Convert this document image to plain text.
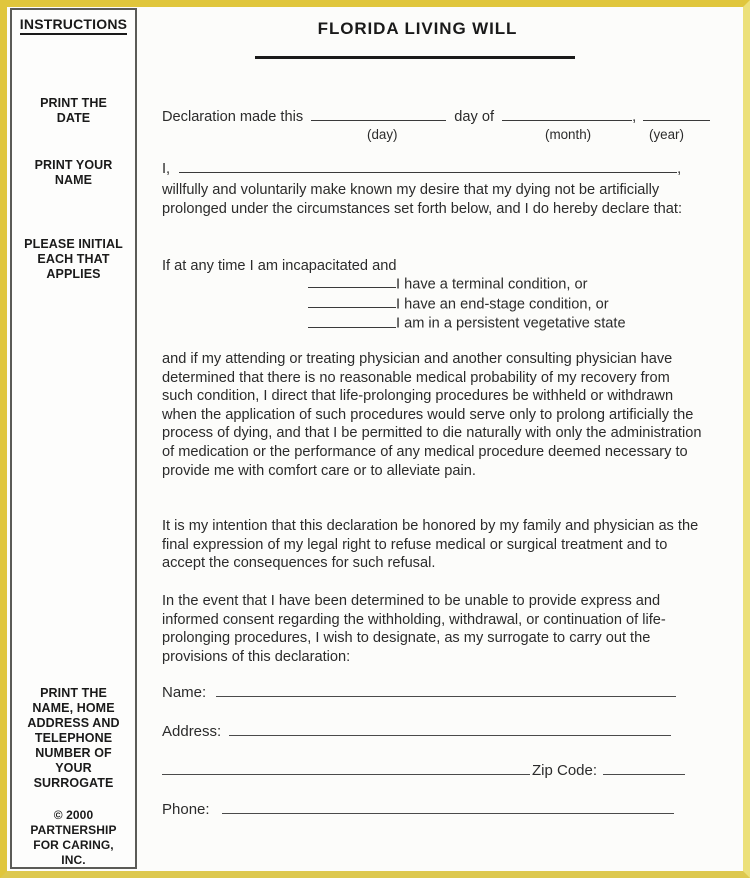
INSTRUCTIONS
PRINT THE
DATE
PRINT YOUR
NAME
PLEASE INITIAL
EACH THAT
APPLIES
PRINT THE
NAME, HOME
ADDRESS AND
TELEPHONE
NUMBER OF
YOUR
SURROGATE
© 2000
PARTNERSHIP
FOR CARING,
INC.
FLORIDA LIVING WILL
Declaration made this	day of	,
(day)	(month)	(year)
I,	,
willfully and voluntarily make known my desire that my dying not be artificially prolonged under the circumstances set forth below, and I do hereby declare that:
If at any time I am incapacitated and
I have a terminal condition, or
I have an end-stage condition, or
I am in a persistent vegetative state
and if my attending or treating physician and another consulting physician have determined that there is no reasonable medical probability of my recovery from such condition, I direct that life-prolonging procedures be withheld or withdrawn when the application of such procedures would serve only to prolong artificially the process of dying, and that I be permitted to die naturally with only the administration of medication or the performance of any medical procedure deemed necessary to provide me with comfort care or to alleviate pain.
It is my intention that this declaration be honored by my family and physician as the final expression of my legal right to refuse medical or surgical treatment and to accept the consequences for such refusal.
In the event that I have been determined to be unable to provide express and informed consent regarding the withholding, withdrawal, or continuation of life-prolonging procedures, I wish to designate, as my surrogate to carry out the provisions of this declaration:
Name:
Address:
Zip Code:
Phone:
